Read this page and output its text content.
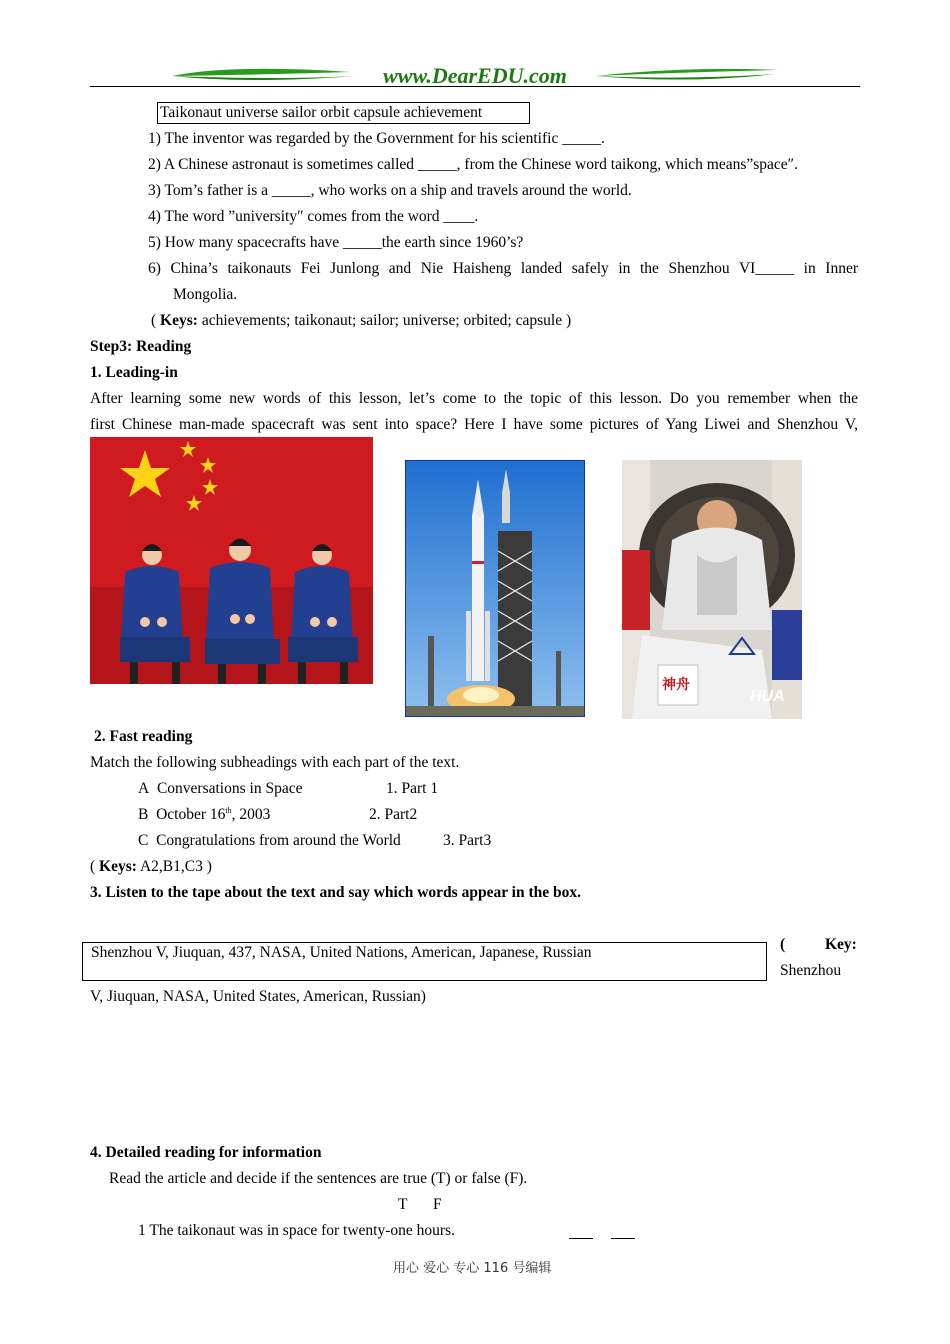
www.DearEDU.com
Taikonaut universe sailor orbit capsule achievement
1) The inventor was regarded by the Government for his scientific _____.
2) A Chinese astronaut is sometimes called _____, from the Chinese word taikong, which means”space″.
3) Tom’s father is a _____, who works on a ship and travels around the world.
4) The word ”university″ comes from the word ____.
5) How many spacecrafts have _____the earth since 1960’s?
6) China’s taikonauts Fei Junlong and Nie Haisheng landed safely in the Shenzhou VI_____ in Inner
Mongolia.
( Keys: achievements; taikonaut; sailor; universe; orbited; capsule )
Step3: Reading
1. Leading-in
After learning some new words of this lesson, let’s come to the topic of this lesson. Do you remember when the
first Chinese man-made spacecraft was sent into space? Here I have some pictures of Yang Liwei and Shenzhou V,
神舟
HUA
2. Fast reading
Match the following subheadings with each part of the text.
A Conversations in Space	1. Part 1
B October 16th, 2003	2. Part2
C Congratulations from around the World	3. Part3
( Keys: A2,B1,C3 )
3. Listen to the tape about the text and say which words appear in the box.
Shenzhou V, Jiuquan, 437, NASA, United Nations, American, Japanese, Russian	(	Key:
Shenzhou
V, Jiuquan, NASA, United States, American, Russian)
4. Detailed reading for information
Read the article and decide if the sentences are true (T) or false (F).
T F
1 The taikonaut was in space for twenty-one hours.
用心 爱心 专心 116 号编辑
